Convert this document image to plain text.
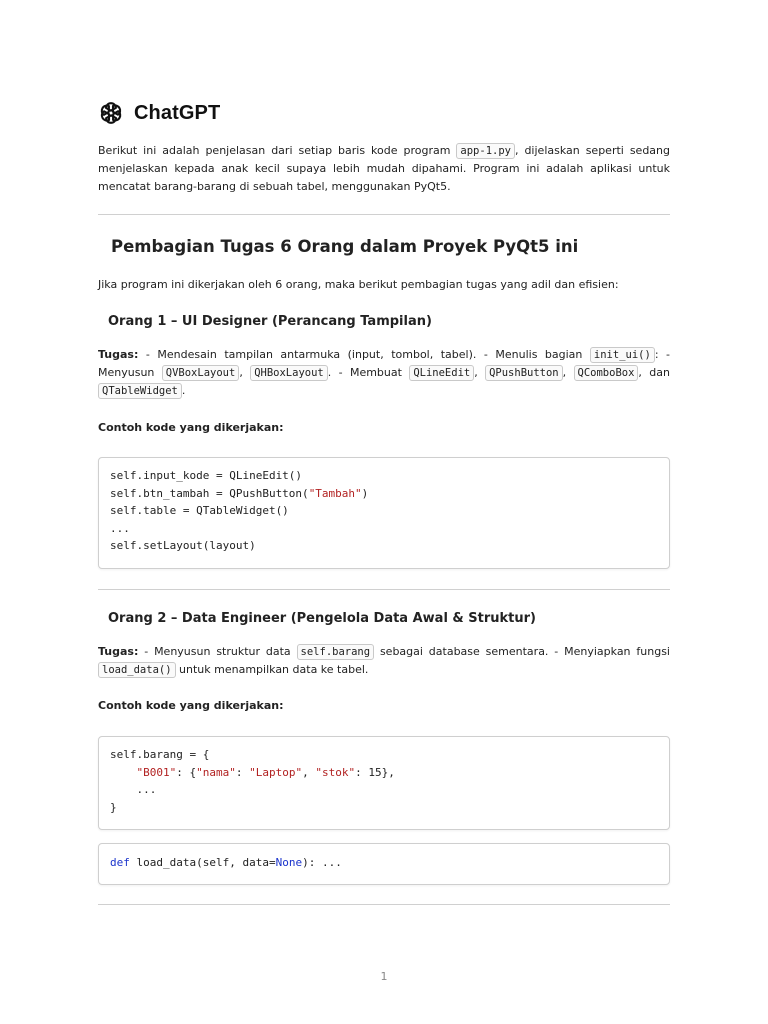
ChatGPT
Berikut ini adalah penjelasan dari setiap baris kode program app-1.py , dijelaskan seperti sedang menjelaskan kepada anak kecil supaya lebih mudah dipahami. Program ini adalah aplikasi untuk mencatat barang-barang di sebuah tabel, menggunakan PyQt5.
Pembagian Tugas 6 Orang dalam Proyek PyQt5 ini
Jika program ini dikerjakan oleh 6 orang, maka berikut pembagian tugas yang adil dan efisien:
Orang 1 – UI Designer (Perancang Tampilan)
Tugas: - Mendesain tampilan antarmuka (input, tombol, tabel). - Menulis bagian init_ui() : - Menyusun QVBoxLayout , QHBoxLayout . - Membuat QLineEdit , QPushButton , QComboBox , dan QTableWidget .
Contoh kode yang dikerjakan:
self.input_kode = QLineEdit()
self.btn_tambah = QPushButton("Tambah")
self.table = QTableWidget()
...
self.setLayout(layout)
Orang 2 – Data Engineer (Pengelola Data Awal & Struktur)
Tugas: - Menyusun struktur data self.barang sebagai database sementara. - Menyiapkan fungsi load_data() untuk menampilkan data ke tabel.
Contoh kode yang dikerjakan:
self.barang = {
"B001": {"nama": "Laptop", "stok": 15},
...
}
def load_data(self, data=None): ...
1
